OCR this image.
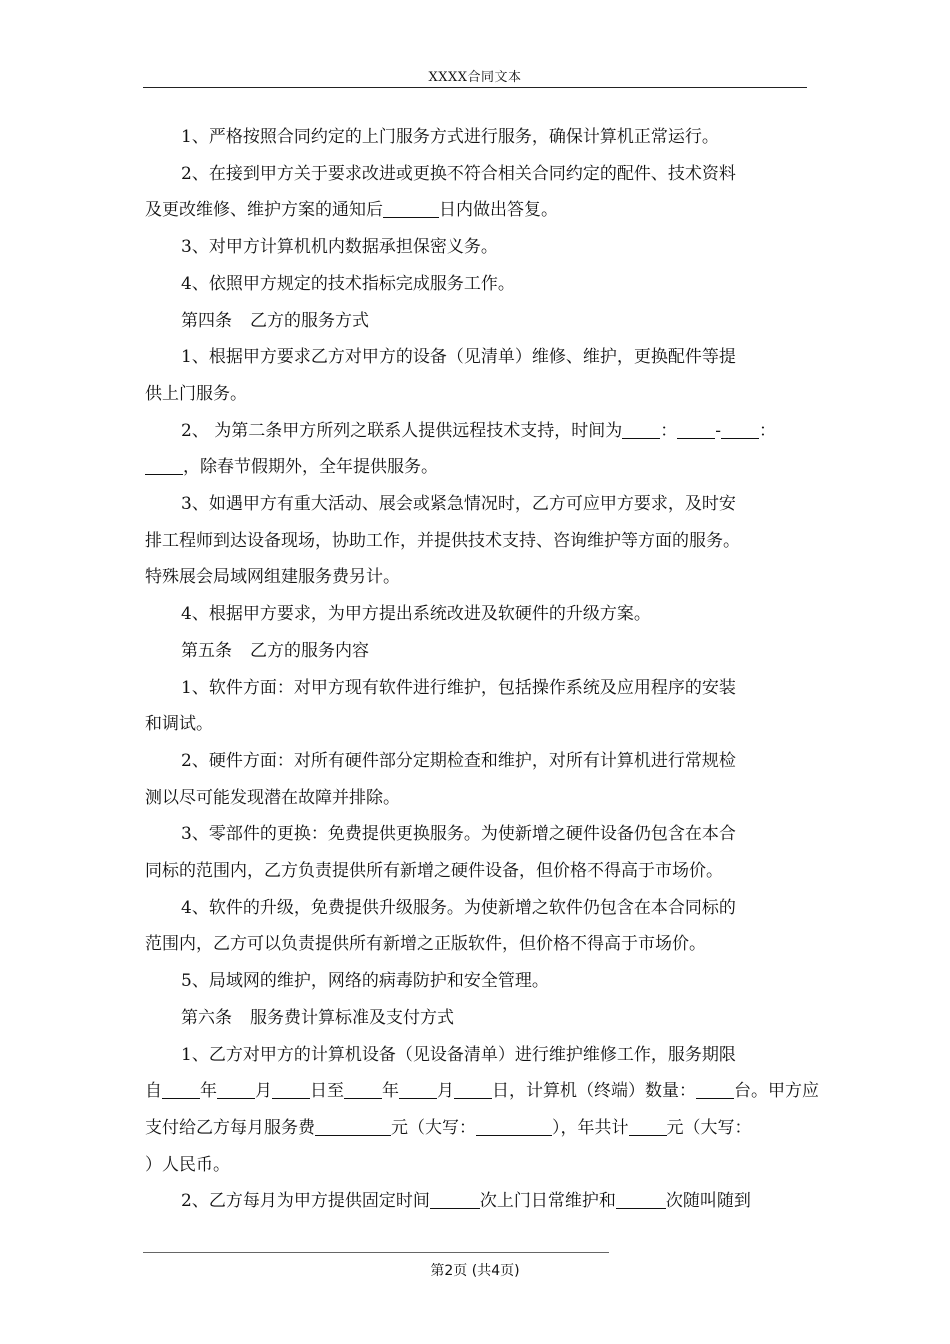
XXXX合同文本

1、严格按照合同约定的上门服务方式进行服务，确保计算机正常运行。

2、在接到甲方关于要求改进或更换不符合相关合同约定的配件、技术资料

及更改维修、维护方案的通知后	日内做出答复。

3、对甲方计算机机内数据承担保密义务。

4、依照甲方规定的技术指标完成服务工作。

第四条 乙方的服务方式

1、根据甲方要求乙方对甲方的设备（见清单）维修、维护，更换配件等提

供上门服务。

2、 为第二条甲方所列之联系人提供远程技术支持，时间为 ： - ：

，除春节假期外，全年提供服务。

3、如遇甲方有重大活动、展会或紧急情况时，乙方可应甲方要求，及时安

排工程师到达设备现场，协助工作，并提供技术支持、咨询维护等方面的服务。

特殊展会局域网组建服务费另计。

4、根据甲方要求，为甲方提出系统改进及软硬件的升级方案。

第五条 乙方的服务内容

1、软件方面：对甲方现有软件进行维护，包括操作系统及应用程序的安装

和调试。

2、硬件方面：对所有硬件部分定期检查和维护，对所有计算机进行常规检

测以尽可能发现潜在故障并排除。

3、零部件的更换：免费提供更换服务。为使新增之硬件设备仍包含在本合

同标的范围内，乙方负责提供所有新增之硬件设备，但价格不得高于市场价。

4、软件的升级，免费提供升级服务。为使新增之软件仍包含在本合同标的

范围内，乙方可以负责提供所有新增之正版软件，但价格不得高于市场价。

5、局域网的维护，网络的病毒防护和安全管理。

第六条 服务费计算标准及支付方式

1、乙方对甲方的计算机设备（见设备清单）进行维护维修工作，服务期限

自 年 月 日至 年 月 日，计算机（终端）数量： 台。甲方应

支付给乙方每月服务费	元（大写：	），年共计 元（大写：

）人民币。

2、乙方每月为甲方提供固定时间	次上门日常维护和	次随叫随到

第2页 (共4页)
